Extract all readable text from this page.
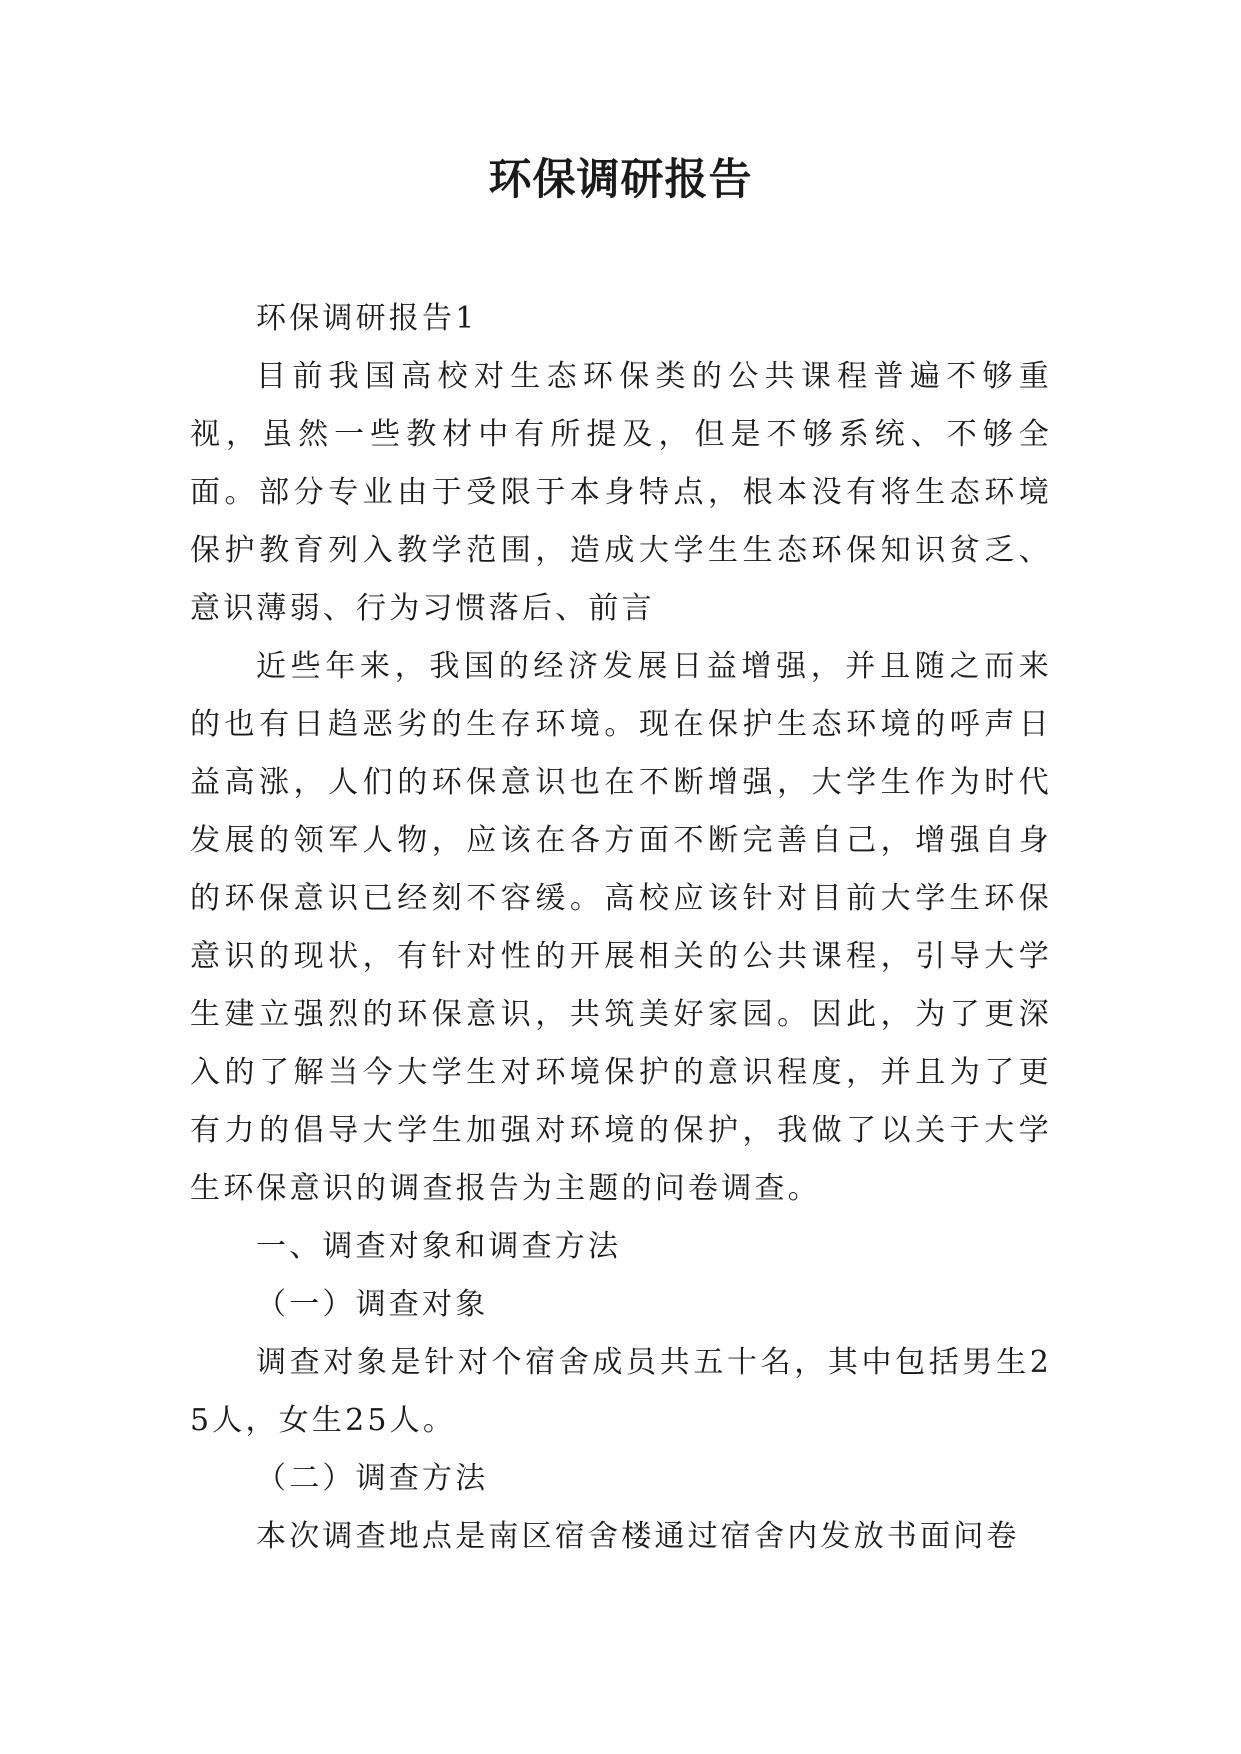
环保调研报告

环保调研报告1

目前我国高校对生态环保类的公共课程普遍不够重视，虽然一些教材中有所提及，但是不够系统、不够全面。部分专业由于受限于本身特点，根本没有将生态环境保护教育列入教学范围，造成大学生生态环保知识贫乏、意识薄弱、行为习惯落后、前言

近些年来，我国的经济发展日益增强，并且随之而来的也有日趋恶劣的生存环境。现在保护生态环境的呼声日益高涨，人们的环保意识也在不断增强，大学生作为时代发展的领军人物，应该在各方面不断完善自己，增强自身的环保意识已经刻不容缓。高校应该针对目前大学生环保意识的现状，有针对性的开展相关的公共课程，引导大学生建立强烈的环保意识，共筑美好家园。因此，为了更深入的了解当今大学生对环境保护的意识程度，并且为了更有力的倡导大学生加强对环境的保护，我做了以关于大学生环保意识的调查报告为主题的问卷调查。

一、调查对象和调查方法

（一）调查对象

调查对象是针对个宿舍成员共五十名，其中包括男生25人，女生25人。

（二）调查方法

本次调查地点是南区宿舍楼通过宿舍内发放书面问卷
